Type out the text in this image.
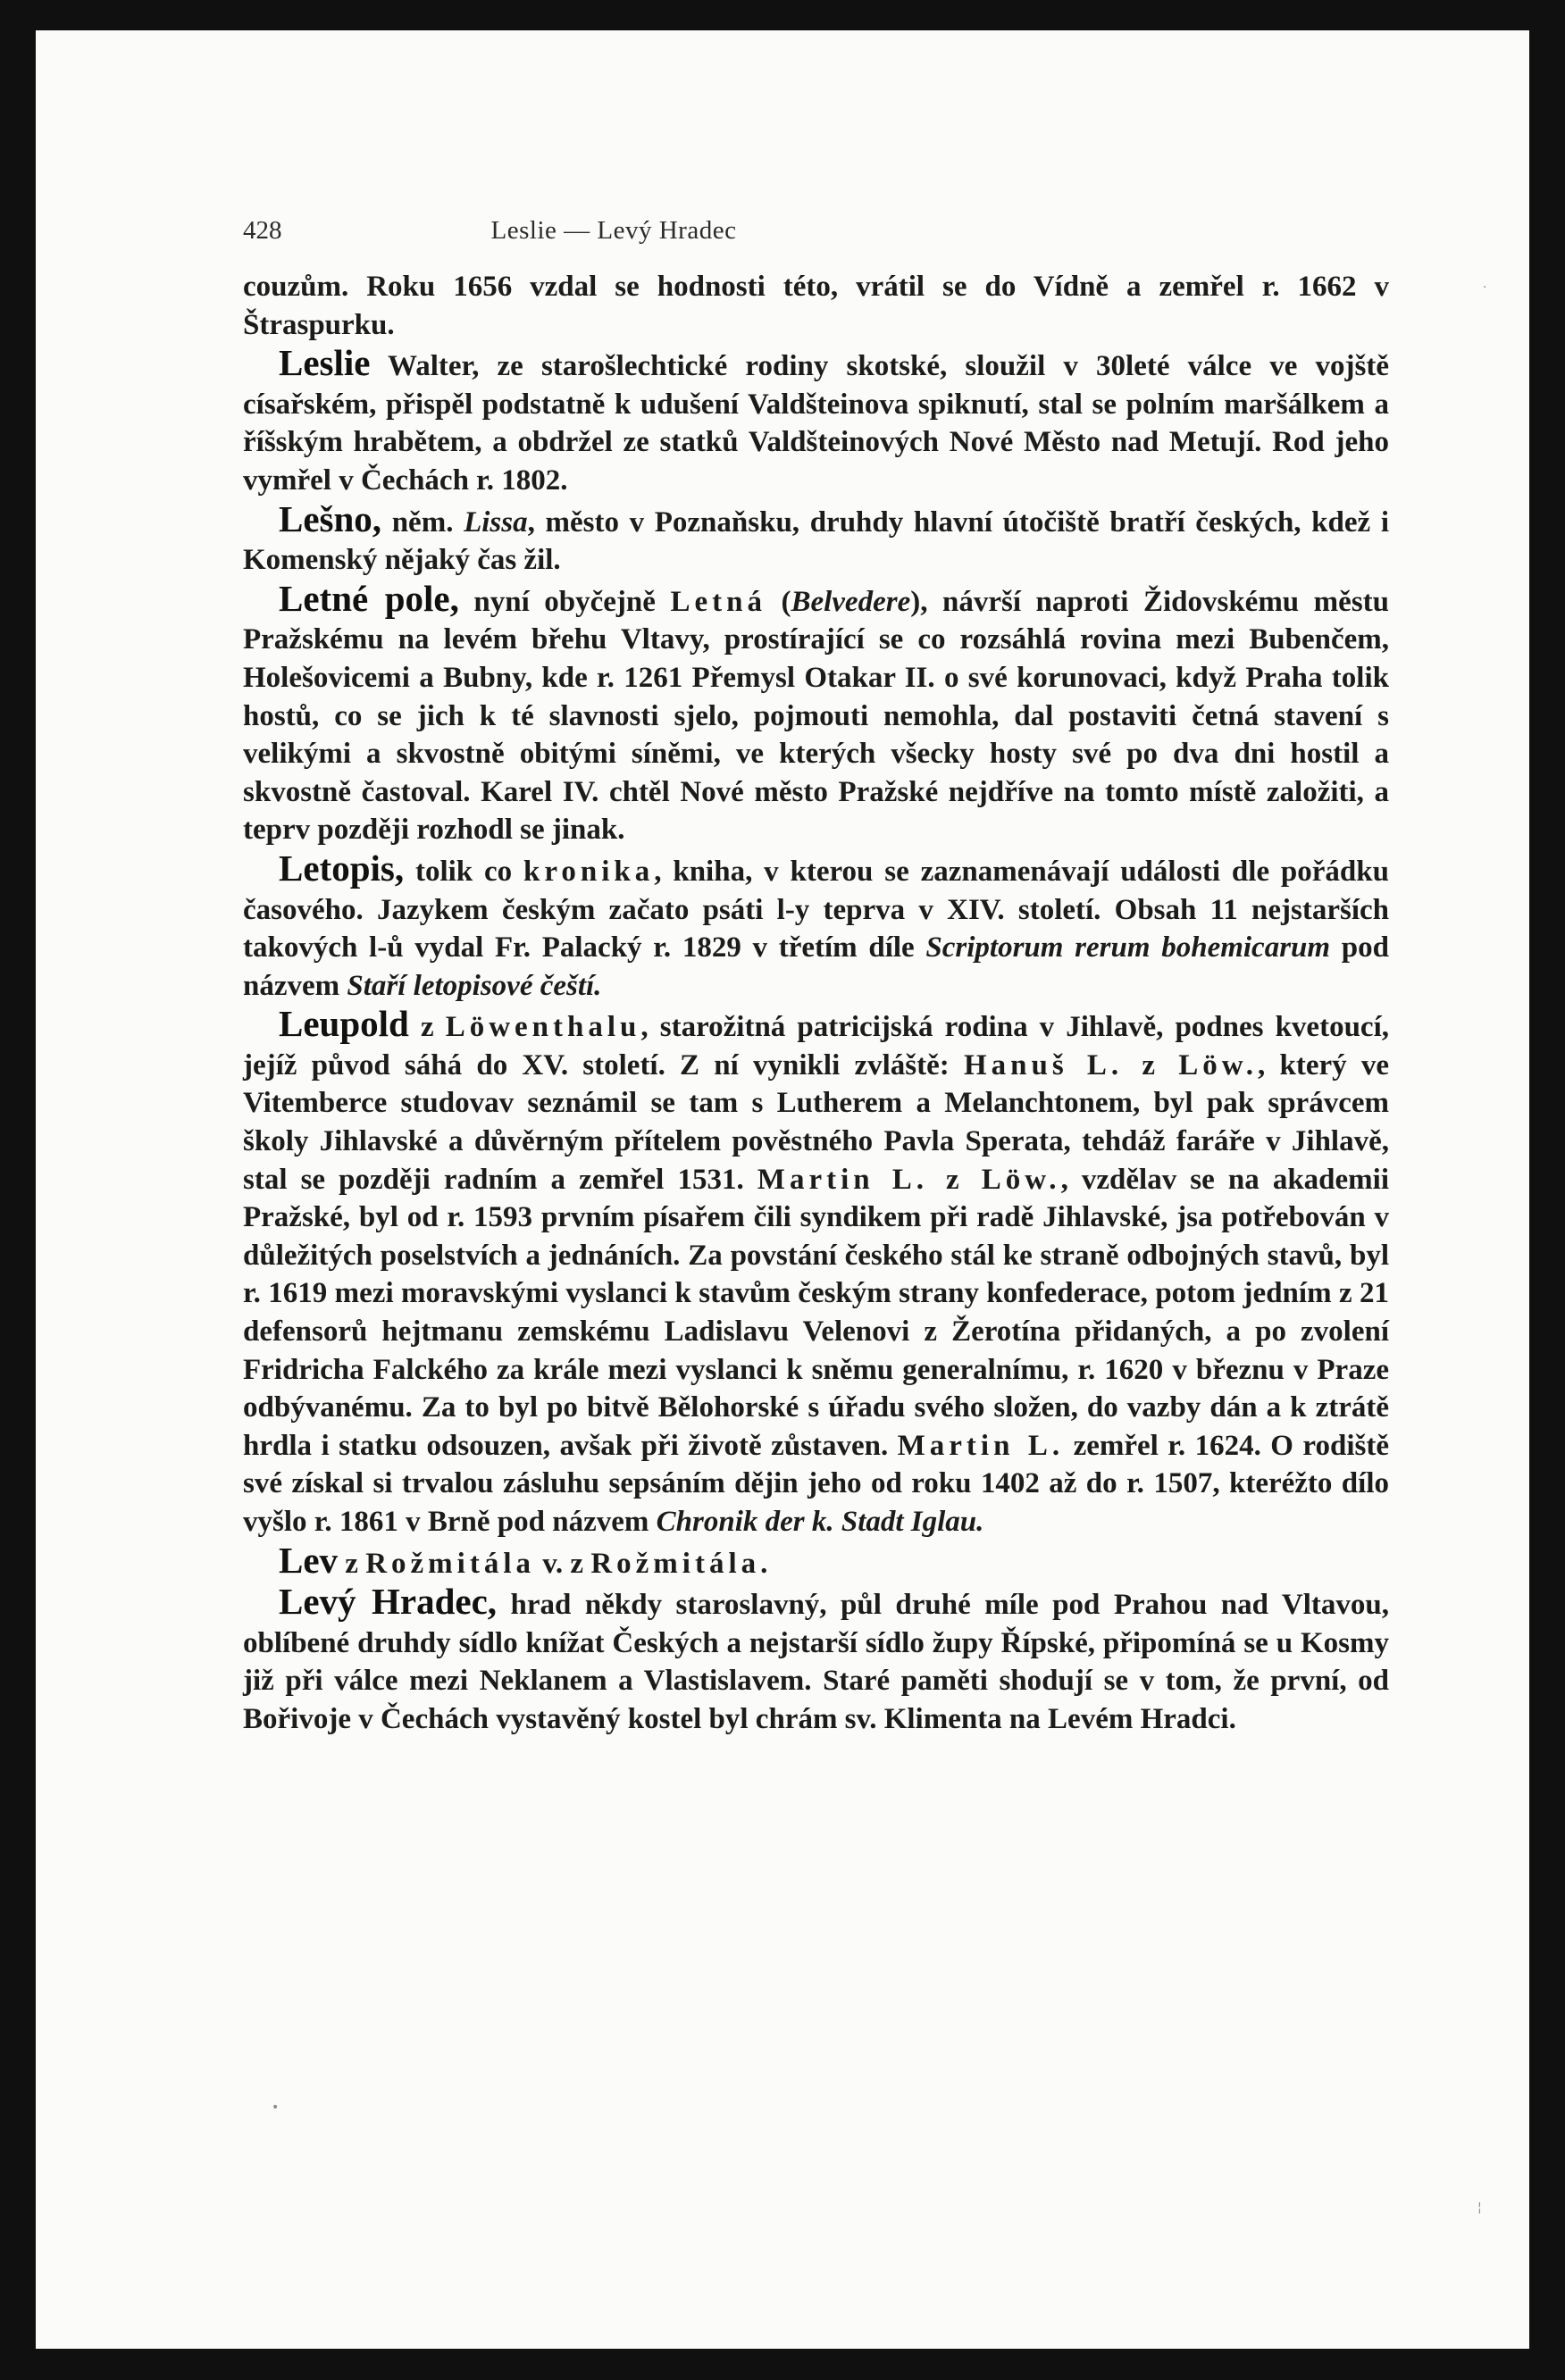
428	Leslie — Levý Hradec

couzům. Roku 1656 vzdal se hodnosti této, vrátil se do Vídně a zemřel r. 1662 v Štraspurku.

Leslie Walter, ze starošlechtické rodiny skotské, sloužil v 30leté válce ve vojště císařském, přispěl podstatně k udušení Valdšteinova spiknutí, stal se polním maršálkem a říšským hrabětem, a obdržel ze statků Valdšteinových Nové Město nad Metují. Rod jeho vymřel v Čechách r. 1802.

Lešno, něm. Lissa, město v Poznaňsku, druhdy hlavní útočiště bratří českých, kdež i Komenský nějaký čas žil.

Letné pole, nyní obyčejně Letná (Belvedere), návrší naproti Židovskému městu Pražskému na levém břehu Vltavy, prostírající se co rozsáhlá rovina mezi Bubenčem, Holešovicemi a Bubny, kde r. 1261 Přemysl Otakar II. o své korunovaci, když Praha tolik hostů, co se jich k té slavnosti sjelo, pojmouti nemohla, dal postaviti četná stavení s velikými a skvostně obitými síněmi, ve kterých všecky hosty své po dva dni hostil a skvostně častoval. Karel IV. chtěl Nové město Pražské nejdříve na tomto místě založiti, a teprv později rozhodl se jinak.

Letopis, tolik co kronika, kniha, v kterou se zaznamenávají události dle pořádku časového. Jazykem českým začato psáti l-y teprva v XIV. století. Obsah 11 nejstarších takových l-ů vydal Fr. Palacký r. 1829 v třetím díle Scriptorum rerum bohemicarum pod názvem Staří letopisové čeští.

Leupold z Löwenthalu, starožitná patricijská rodina v Jihlavě, podnes kvetoucí, jejíž původ sáhá do XV. století. Z ní vynikli zvláště: Hanuš L. z Löw., který ve Vitemberce studovav seznámil se tam s Lutherem a Melanchtonem, byl pak správcem školy Jihlavské a důvěrným přítelem pověstného Pavla Sperata, tehdáž faráře v Jihlavě, stal se později radním a zemřel 1531. Martin L. z Löw., vzdělav se na akademii Pražské, byl od r. 1593 prvním písařem čili syndikem při radě Jihlavské, jsa potřebován v důležitých poselstvích a jednáních. Za povstání českého stál ke straně odbojných stavů, byl r. 1619 mezi moravskými vyslanci k stavům českým strany konfederace, potom jedním z 21 defensorů hejtmanu zemskému Ladislavu Velenovi z Žerotína přidaných, a po zvolení Fridricha Falckého za krále mezi vyslanci k sněmu generalnímu, r. 1620 v březnu v Praze odbývanému. Za to byl po bitvě Bělohorské s úřadu svého složen, do vazby dán a k ztrátě hrdla i statku odsouzen, avšak při životě zůstaven. Martin L. zemřel r. 1624. O rodiště své získal si trvalou zásluhu sepsáním dějin jeho od roku 1402 až do r. 1507, kteréžto dílo vyšlo r. 1861 v Brně pod názvem Chronik der k. Stadt Iglau.

Lev z Rožmitála v. z Rožmitála.

Levý Hradec, hrad někdy staroslavný, půl druhé míle pod Prahou nad Vltavou, oblíbené druhdy sídlo knížat Českých a nejstarší sídlo župy Řípské, připomíná se u Kosmy již při válce mezi Neklanem a Vlastislavem. Staré paměti shodují se v tom, že první, od Bořivoje v Čechách vystavěný kostel byl chrám sv. Klimenta na Levém Hradci.

•
·
¦
